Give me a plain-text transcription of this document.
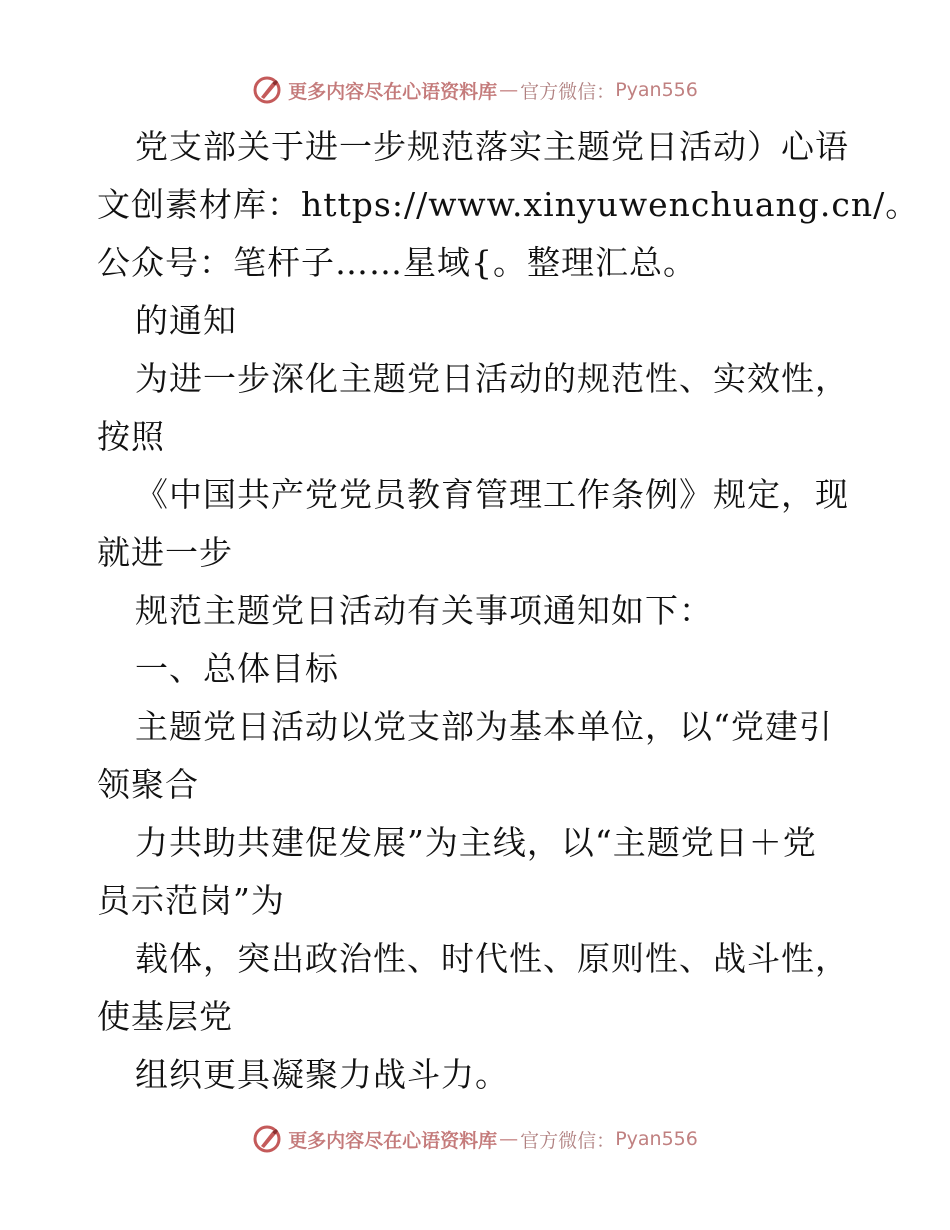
更多内容尽在心语资料库 — 官方微信： Pyan556
党支部关于进一步规范落实主题党日活动）心语
文创素材库：https://www.xinyuwenchuang.cn/。
公众号：笔杆子……星域{。整理汇总。
的通知
为进一步深化主题党日活动的规范性、实效性，
按照
《中国共产党党员教育管理工作条例》规定，现
就进一步
规范主题党日活动有关事项通知如下：
一、总体目标
主题党日活动以党支部为基本单位，以“党建引
领聚合
力共助共建促发展”为主线，以“主题党日＋党
员示范岗”为
载体，突出政治性、时代性、原则性、战斗性，
使基层党
组织更具凝聚力战斗力。
更多内容尽在心语资料库 — 官方微信： Pyan556
